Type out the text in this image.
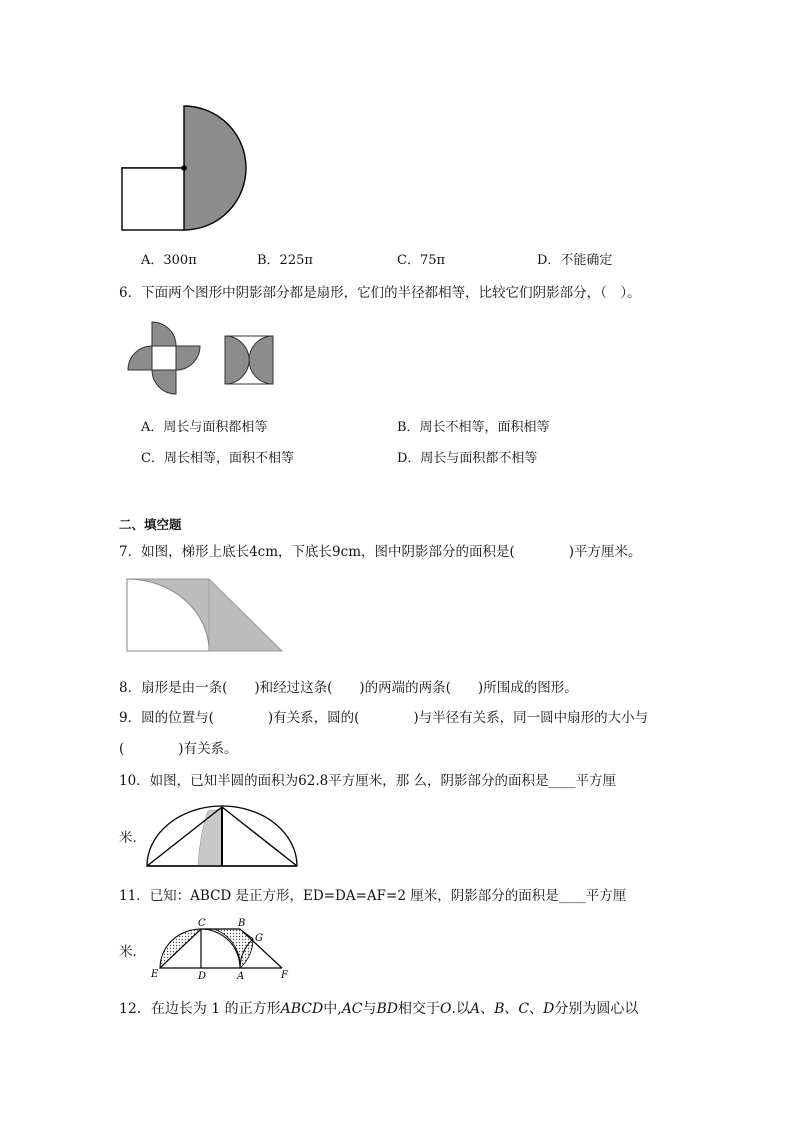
A．300π	B．225π	C．75π	D．不能确定
6．下面两个图形中阴影部分都是扇形，它们的半径都相等，比较它们阴影部分，（　）。
A．周长与面积都相等	B．周长不相等，面积相等
C．周长相等，面积不相等	D．周长与面积都不相等
二、填空题
7．如图，梯形上底长4cm，下底长9cm，图中阴影部分的面积是(　　　　)平方厘米。
8．扇形是由一条(　　)和经过这条(　　)的两端的两条(　　)所围成的图形。
9．圆的位置与(　　　　)有关系，圆的(　　　　)与半径有关系，同一圆中扇形的大小与
(　　　　)有关系。
10．如图，已知半圆的面积为62.8平方厘米，那 么，阴影部分的面积是____平方厘
米．
11．已知：ABCD 是正方形，ED=DA=AF=2 厘米，阴影部分的面积是____平方厘
米．
C	B
G
E	D	A	F
12．在边长为 1 的正方形ABCD中,AC与BD相交于O.以A、B、C、D分别为圆心以
